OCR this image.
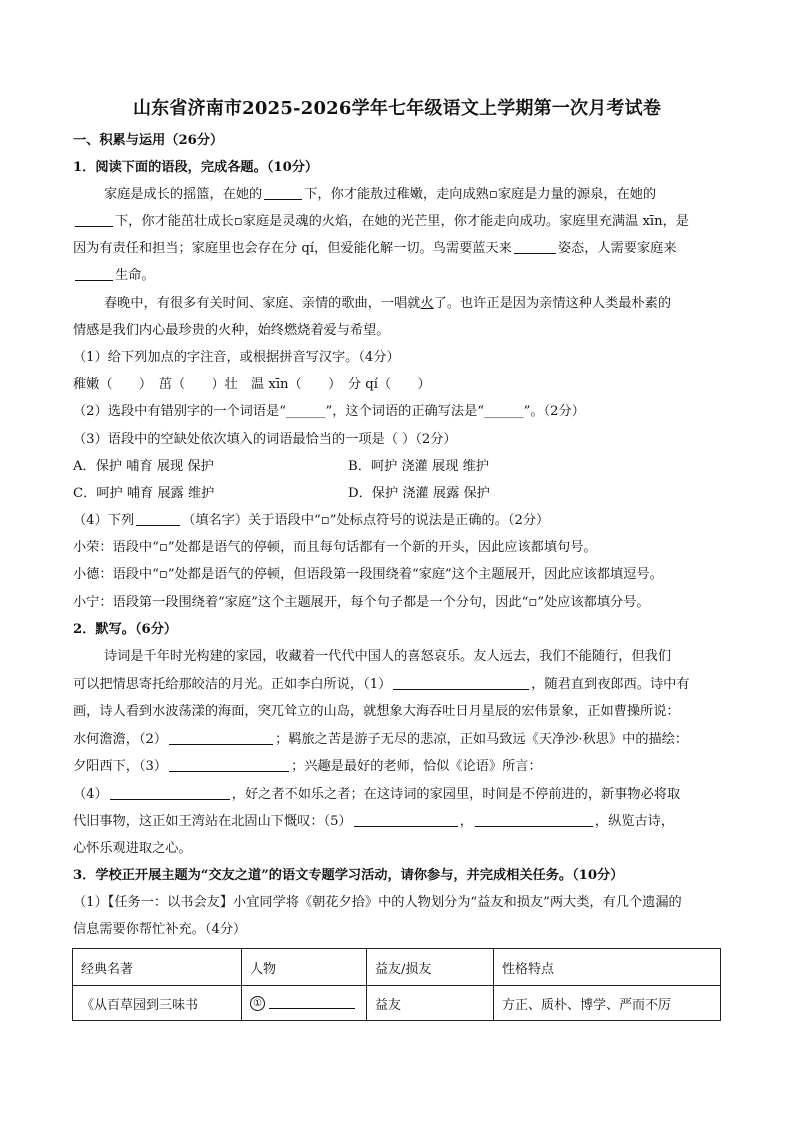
山东省济南市2025-2026学年七年级语文上学期第一次月考试卷
一、积累与运用（26分）
1．阅读下面的语段，完成各题。（10分）
家庭是成长的摇篮，在她的	下，你才能敖过稚嫩，走向成熟▫家庭是力量的源泉，在她的
下，你才能茁壮成长▫家庭是灵魂的火焰，在她的光芒里，你才能走向成功。家庭里充满温 xīn，是
因为有责任和担当；家庭里也会存在分 qí，但爱能化解一切。鸟需要蓝天来	姿态，人需要家庭来
生命。
春晚中，有很多有关时间、家庭、亲情的歌曲，一唱就火了。也许正是因为亲情这种人类最朴素的
情感是我们内心最珍贵的火种，始终燃烧着爱与希望。
（1）给下列加点的字注音，或根据拼音写汉字。（4分）
稚嫩（　　）　茁（　　）壮　温 xīn（　　）　分 qí（　　）
（2）选段中有错别字的一个词语是“______”，这个词语的正确写法是“______”。（2分）
（3）语段中的空缺处依次填入的词语最恰当的一项是（ ）（2分）
A．保护 哺育 展现 保护	B．呵护 浇灌 展现 维护
C．呵护 哺育 展露 维护	D．保护 浇灌 展露 保护
（4）下列	（填名字）关于语段中“▫”处标点符号的说法是正确的。（2分）
小荣：语段中“▫”处都是语气的停顿，而且每句话都有一个新的开头，因此应该都填句号。
小德：语段中“▫”处都是语气的停顿，但语段第一段围绕着“家庭”这个主题展开，因此应该都填逗号。
小宁：语段第一段围绕着“家庭”这个主题展开，每个句子都是一个分句，因此“▫”处应该都填分号。
2．默写。（6分）
诗词是千年时光构建的家园，收藏着一代代中国人的喜怒哀乐。友人远去，我们不能随行，但我们
可以把情思寄托给那皎洁的月光。正如李白所说，（1）	，随君直到夜郎西。诗中有
画，诗人看到水波荡漾的海面，突兀耸立的山岛，就想象大海吞吐日月星辰的宏伟景象，正如曹操所说：
水何澹澹，（2）	；羁旅之苦是游子无尽的悲凉，正如马致远《天净沙·秋思》中的描绘：
夕阳西下，（3）	；兴趣是最好的老师，恰似《论语》所言：
（4）	，好之者不如乐之者；在这诗词的家园里，时间是不停前进的，新事物必将取
代旧事物，这正如王湾站在北固山下慨叹：（5）	，	，纵览古诗，
心怀乐观进取之心。
3．学校正开展主题为“交友之道”的语文专题学习活动，请你参与，并完成相关任务。（10分）
（1）【任务一：以书会友】小宜同学将《朝花夕拾》中的人物划分为“益友和损友”两大类，有几个遗漏的
信息需要你帮忙补充。（4分）
经典名著	人物	益友/损友	性格特点
《从百草园到三味书	①	益友	方正、质朴、博学、严而不厉
